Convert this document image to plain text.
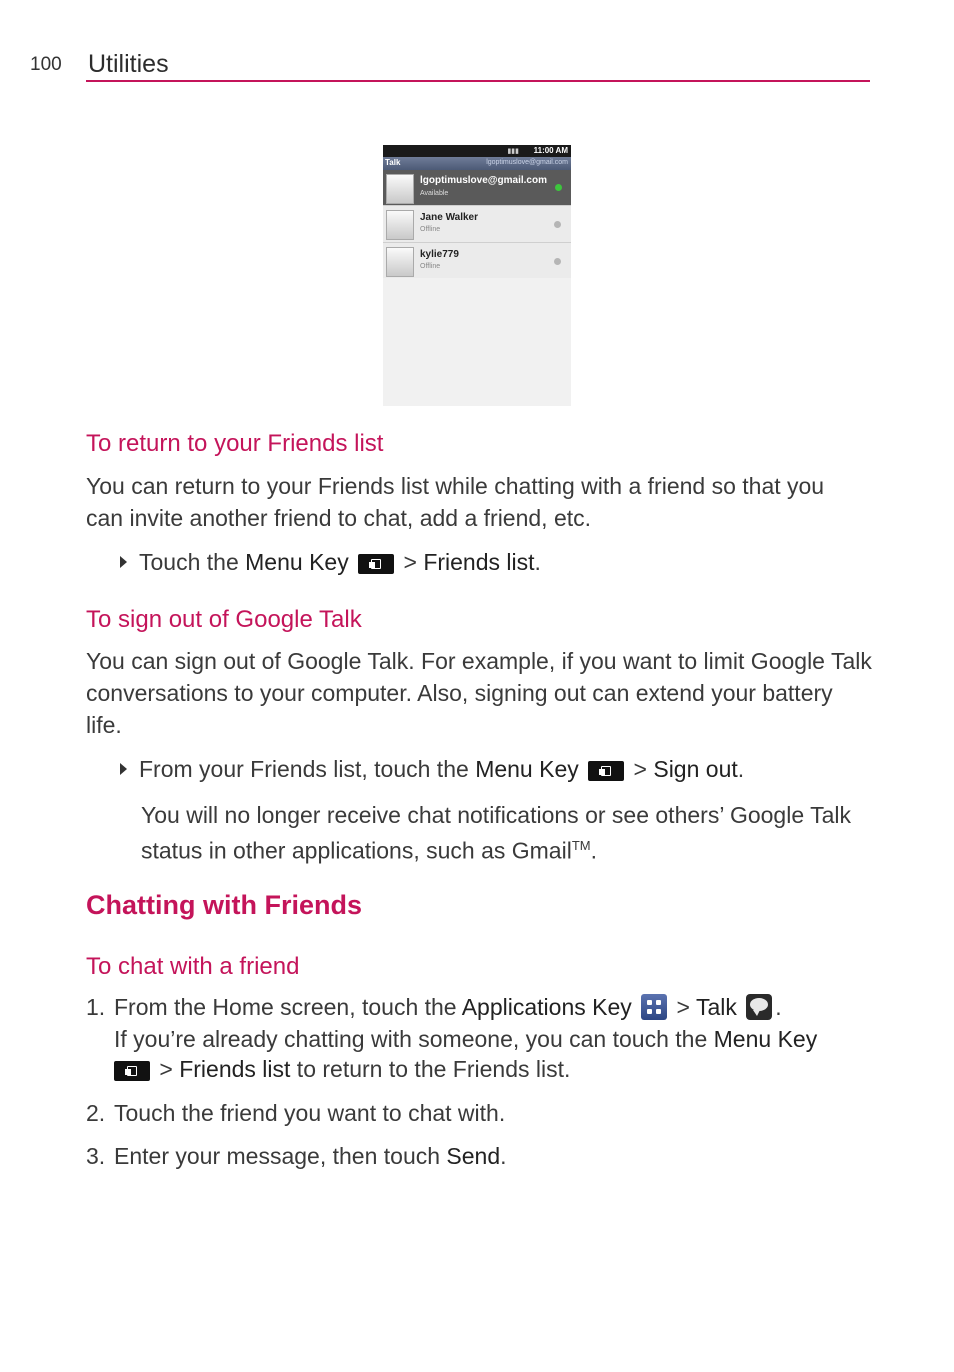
100 Utilities
▮▮▮ 11:00 AM
Talk	lgoptimuslove@gmail.com
lgoptimuslove@gmail.com
Available
Jane Walker
Offline
kylie779
Offline
To return to your Friends list
You can return to your Friends list while chatting with a friend so that you
can invite another friend to chat, add a friend, etc.
Touch the Menu Key  > Friends list.
To sign out of Google Talk
You can sign out of Google Talk. For example, if you want to limit Google Talk
conversations to your computer. Also, signing out can extend your battery
life.
From your Friends list, touch the Menu Key  > Sign out.
You will no longer receive chat notifications or see others’ Google Talk
status in other applications, such as Gmail™.
Chatting with Friends
To chat with a friend
1. From the Home screen, touch the Applications Key
> Talk .
If you’re already chatting with someone, you can touch the Menu Key
> Friends list to return to the Friends list.
2. Touch the friend you want to chat with.
3. Enter your message, then touch Send.
